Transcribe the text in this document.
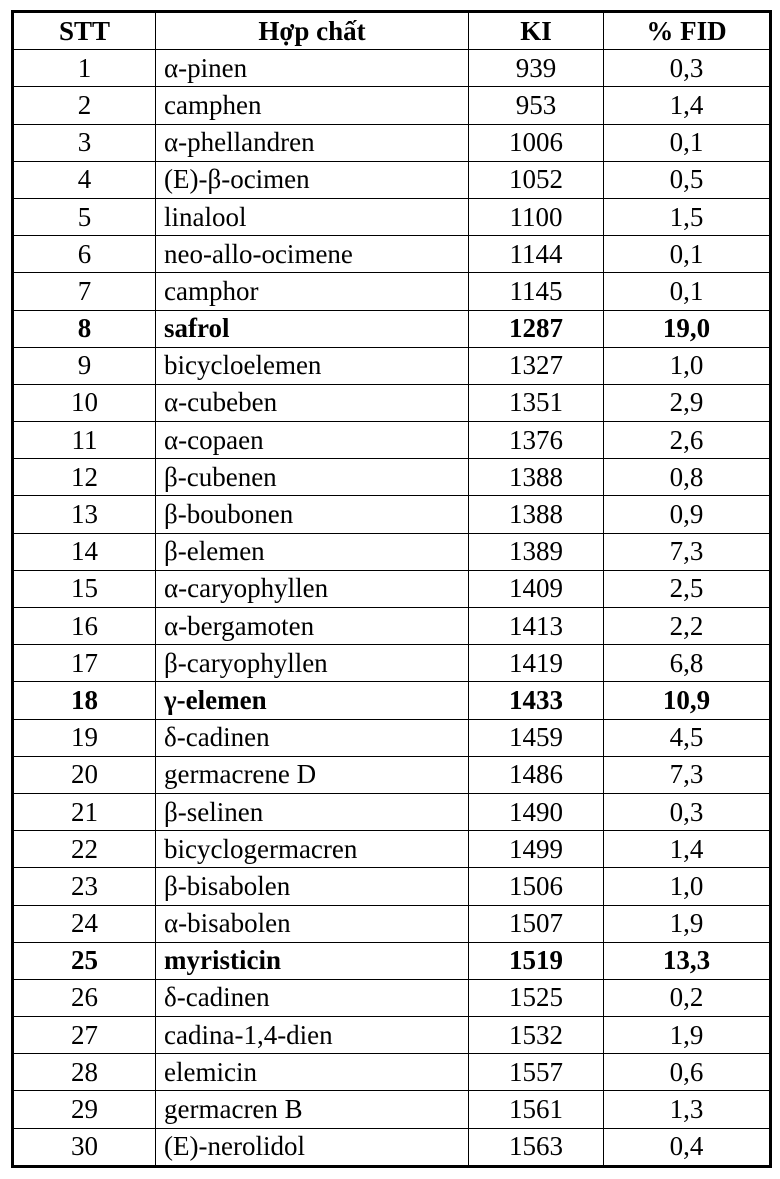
STT	Hợp chất	KI	% FID
1	α-pinen	939	0,3
2	camphen	953	1,4
3	α-phellandren	1006	0,1
4	(E)-β-ocimen	1052	0,5
5	linalool	1100	1,5
6	neo-allo-ocimene	1144	0,1
7	camphor	1145	0,1
8	safrol	1287	19,0
9	bicycloelemen	1327	1,0
10	α-cubeben	1351	2,9
11	α-copaen	1376	2,6
12	β-cubenen	1388	0,8
13	β-boubonen	1388	0,9
14	β-elemen	1389	7,3
15	α-caryophyllen	1409	2,5
16	α-bergamoten	1413	2,2
17	β-caryophyllen	1419	6,8
18	γ-elemen	1433	10,9
19	δ-cadinen	1459	4,5
20	germacrene D	1486	7,3
21	β-selinen	1490	0,3
22	bicyclogermacren	1499	1,4
23	β-bisabolen	1506	1,0
24	α-bisabolen	1507	1,9
25	myristicin	1519	13,3
26	δ-cadinen	1525	0,2
27	cadina-1,4-dien	1532	1,9
28	elemicin	1557	0,6
29	germacren B	1561	1,3
30	(E)-nerolidol	1563	0,4
